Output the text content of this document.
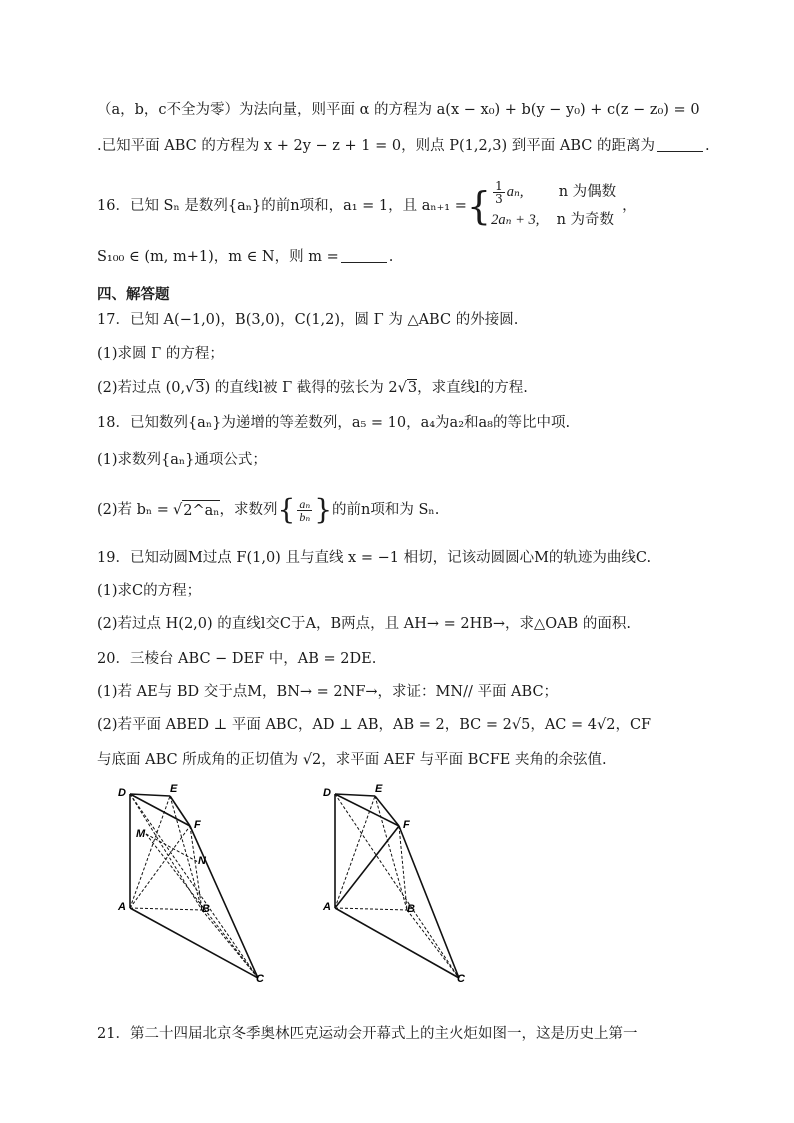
（a，b，c不全为零）为法向量，则平面 α 的方程为 a(x − x₀) + b(y − y₀) + c(z − z₀) = 0
.已知平面 ABC 的方程为 x + 2y − z + 1 = 0，则点 P(1,2,3) 到平面 ABC 的距离为	.
16．已知 Sₙ 是数列{aₙ}的前n项和，a₁ = 1，且 aₙ₊₁ = { $\frac{1}{3} a_n$, n 为偶数
2aₙ + 3, n 为奇数
，
S₁₀₀ ∈ (m, m+1)，m ∈ N，则 m =	.
四、解答题
17．已知 A(−1,0)，B(3,0)，C(1,2)，圆 Γ 为 △ABC 的外接圆.
(1)求圆 Γ 的方程；
(2)若过点 (0,√3) 的直线l被 Γ 截得的弦长为 2√3，求直线l的方程.
18．已知数列{aₙ}为递增的等差数列，a₅ = 10，a₄为a₂和a₈的等比中项.
(1)求数列{aₙ}通项公式；
(2)若 bₙ = √ 2^aₙ ，求数列 { $\frac{\text{aₙ}}{\text{bₙ}}$ } 的前n项和为 Sₙ.
19．已知动圆M过点 F(1,0) 且与直线 x = −1 相切，记该动圆圆心M的轨迹为曲线C.
(1)求C的方程；
(2)若过点 H(2,0) 的直线l交C于A，B两点，且 AH→ = 2HB→，求△OAB 的面积.
20．三棱台 ABC − DEF 中，AB = 2DE.
(1)若 AE与 BD 交于点M，BN→ = 2NF→，求证：MN// 平面 ABC；
(2)若平面 ABED ⊥ 平面 ABC，AD ⊥ AB，AB = 2，BC = 2√5，AC = 4√2，CF
与底面 ABC 所成角的正切值为 √2，求平面 AEF 与平面 BCFE 夹角的余弦值.
D	E
F
M
N
A	B
C
D	E
F
A	B
C
21．第二十四届北京冬季奥林匹克运动会开幕式上的主火炬如图一，这是历史上第一
